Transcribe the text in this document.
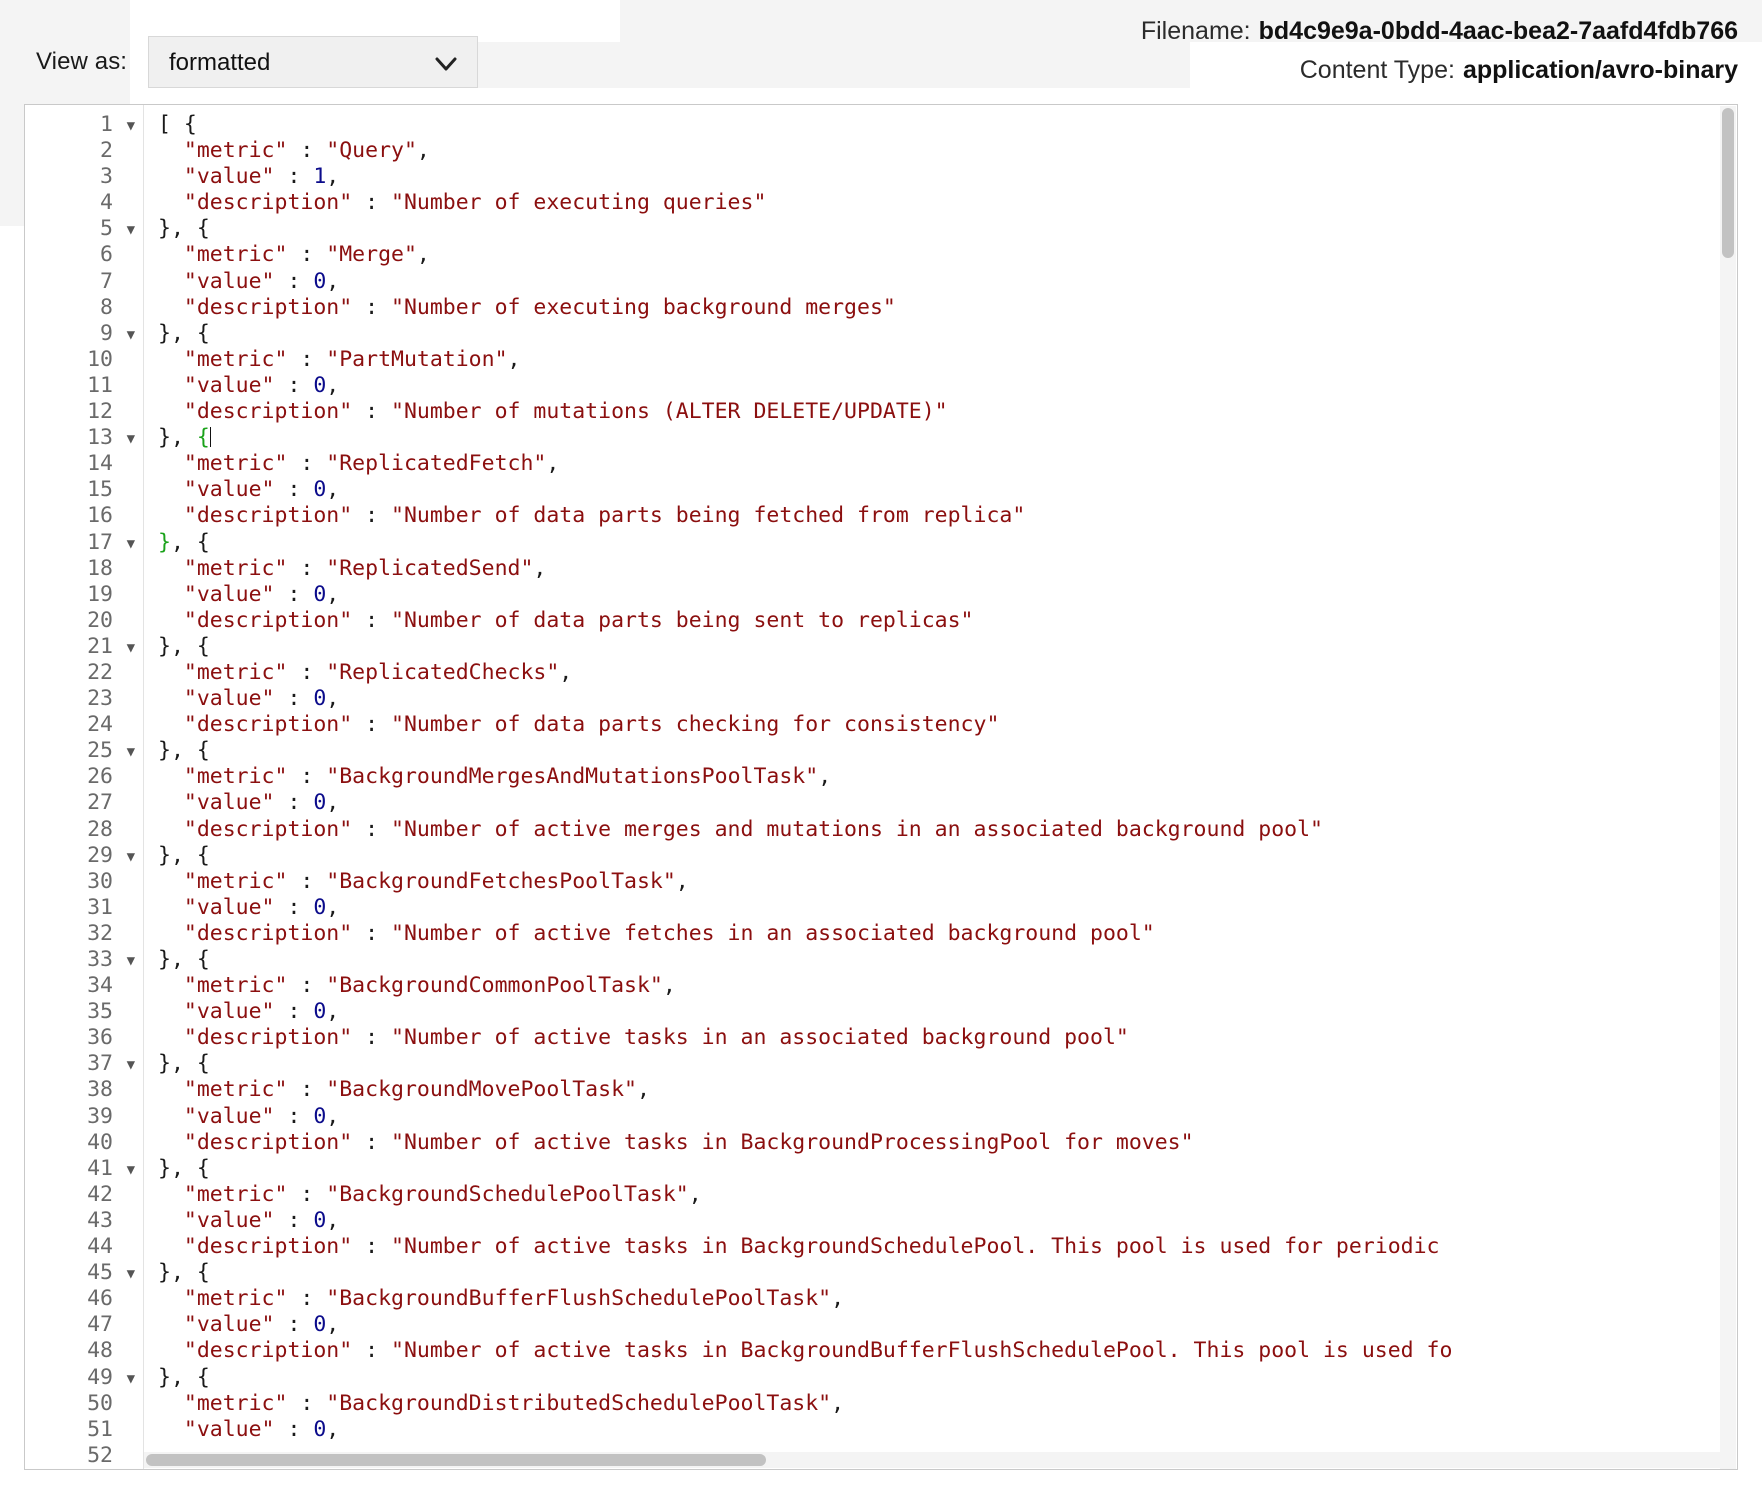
View as: formatted
Filename: bd4c9e9a-0bdd-4aac-bea2-7aafd4fdb766
Content Type: application/avro-binary
1 ▼
2
3
4
5 ▼
6
7
8
9 ▼
10
11
12
13 ▼
14
15
16
17 ▼
18
19
20
21 ▼
22
23
24
25 ▼
26
27
28
29 ▼
30
31
32
33 ▼
34
35
36
37 ▼
38
39
40
41 ▼
42
43
44
45 ▼
46
47
48
49 ▼
50
51
52
[ {
"metric" : "Query",
"value" : 1,
"description" : "Number of executing queries"
}, {
"metric" : "Merge",
"value" : 0,
"description" : "Number of executing background merges"
}, {
"metric" : "PartMutation",
"value" : 0,
"description" : "Number of mutations (ALTER DELETE/UPDATE)"
}, {
"metric" : "ReplicatedFetch",
"value" : 0,
"description" : "Number of data parts being fetched from replica"
}, {
"metric" : "ReplicatedSend",
"value" : 0,
"description" : "Number of data parts being sent to replicas"
}, {
"metric" : "ReplicatedChecks",
"value" : 0,
"description" : "Number of data parts checking for consistency"
}, {
"metric" : "BackgroundMergesAndMutationsPoolTask",
"value" : 0,
"description" : "Number of active merges and mutations in an associated background pool"
}, {
"metric" : "BackgroundFetchesPoolTask",
"value" : 0,
"description" : "Number of active fetches in an associated background pool"
}, {
"metric" : "BackgroundCommonPoolTask",
"value" : 0,
"description" : "Number of active tasks in an associated background pool"
}, {
"metric" : "BackgroundMovePoolTask",
"value" : 0,
"description" : "Number of active tasks in BackgroundProcessingPool for moves"
}, {
"metric" : "BackgroundSchedulePoolTask",
"value" : 0,
"description" : "Number of active tasks in BackgroundSchedulePool. This pool is used for periodic
}, {
"metric" : "BackgroundBufferFlushSchedulePoolTask",
"value" : 0,
"description" : "Number of active tasks in BackgroundBufferFlushSchedulePool. This pool is used fo
}, {
"metric" : "BackgroundDistributedSchedulePoolTask",
"value" : 0,
